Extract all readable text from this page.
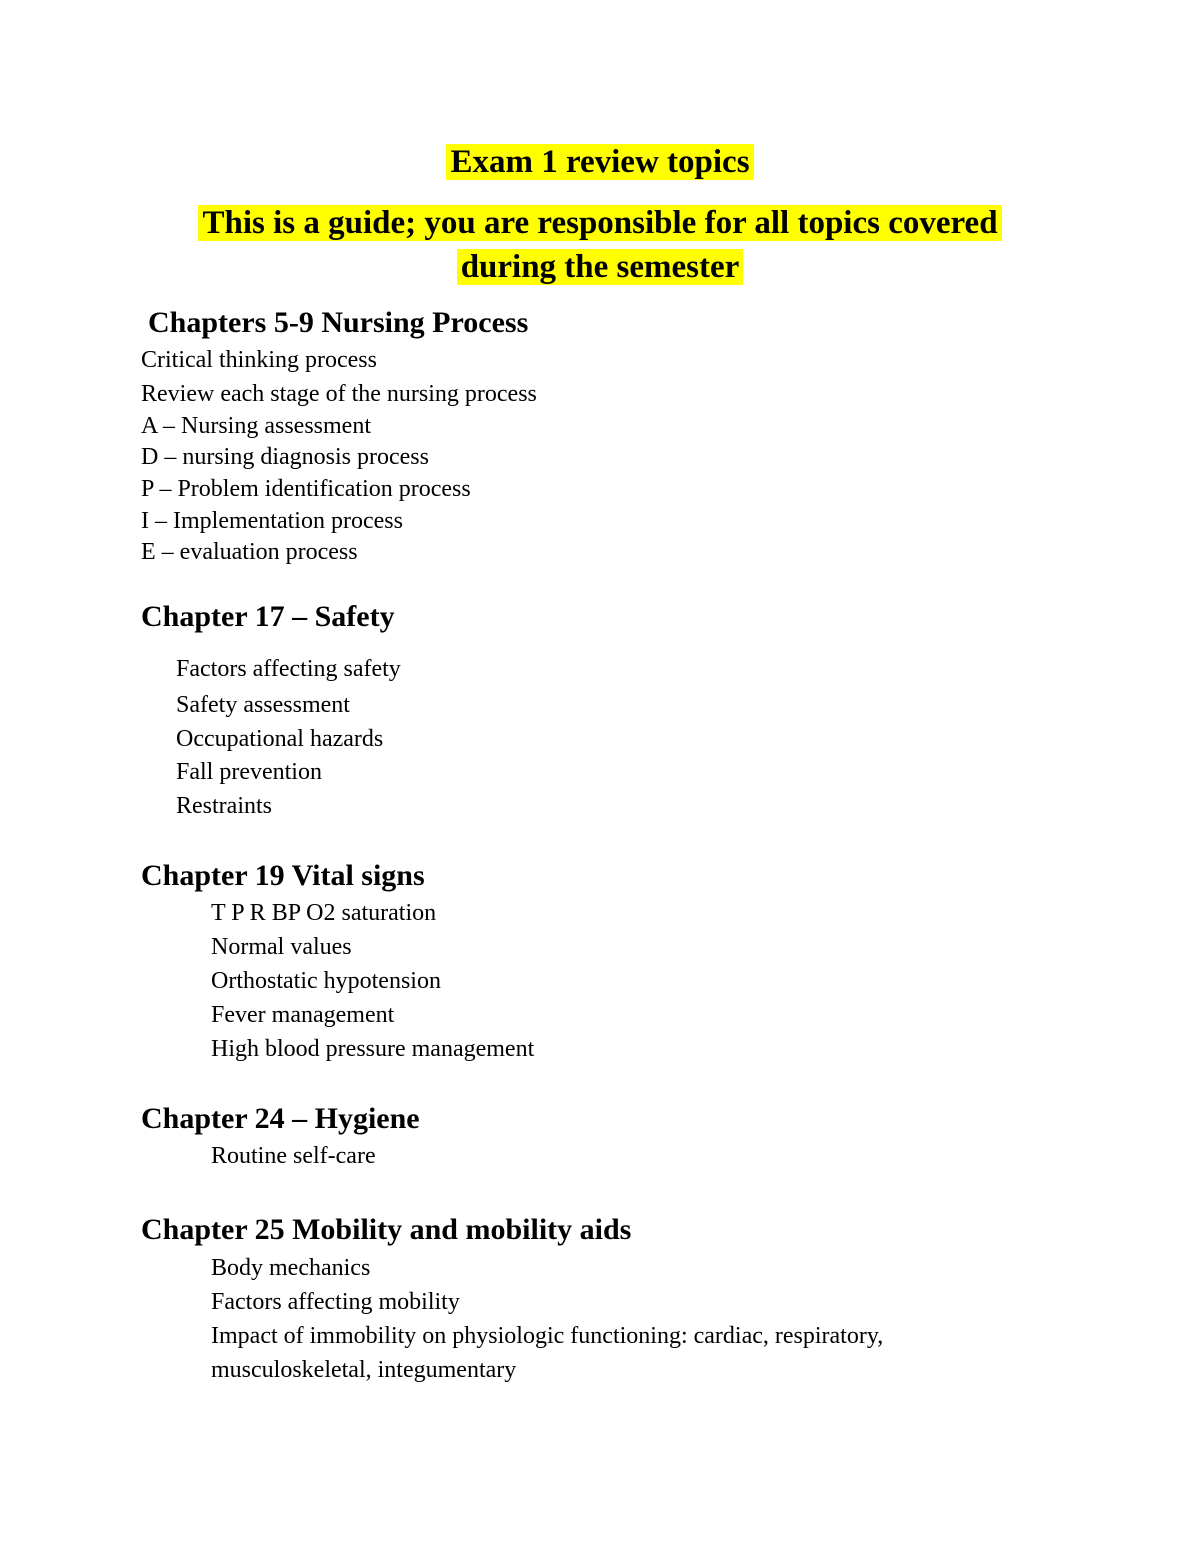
Exam 1 review topics
This is a guide; you are responsible for all topics covered
during the semester
Chapters 5-9 Nursing Process
Critical thinking process
Review each stage of the nursing process
A – Nursing assessment
D – nursing diagnosis process
P – Problem identification process
I – Implementation process
E – evaluation process
Chapter 17 – Safety
Factors affecting safety
Safety assessment
Occupational hazards
Fall prevention
Restraints
Chapter 19 Vital signs
T P R BP O2 saturation
Normal values
Orthostatic hypotension
Fever management
High blood pressure management
Chapter 24 – Hygiene
Routine self-care
Chapter 25 Mobility and mobility aids
Body mechanics
Factors affecting mobility
Impact of immobility on physiologic functioning: cardiac, respiratory,
musculoskeletal, integumentary
